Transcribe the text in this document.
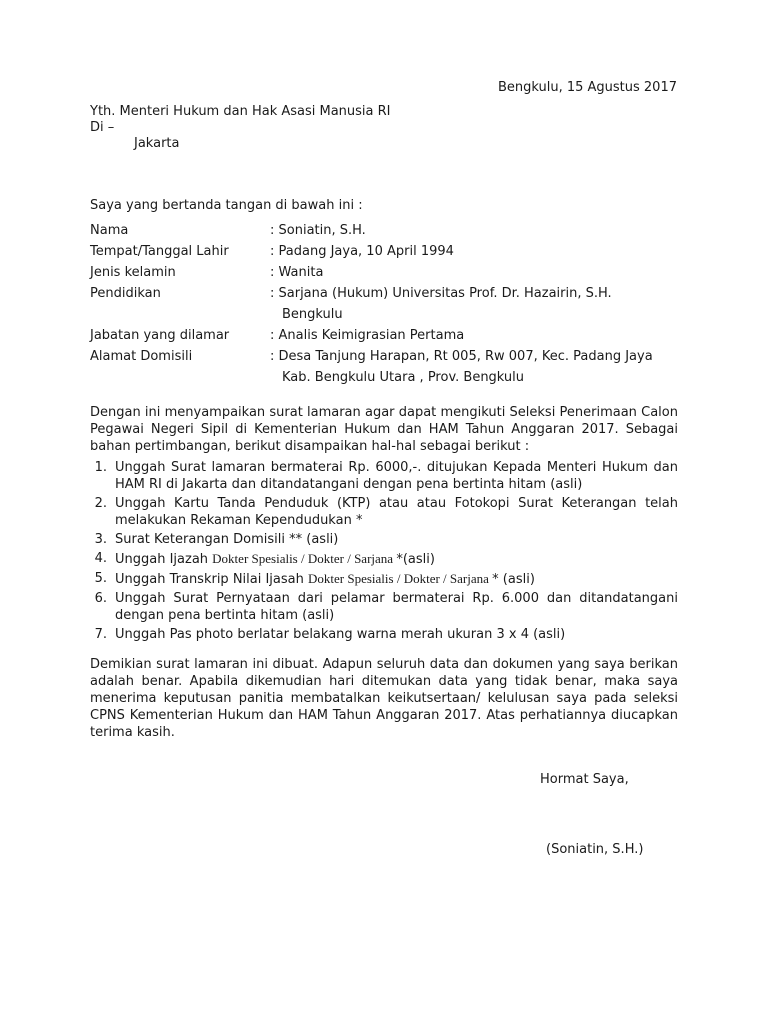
Bengkulu, 15 Agustus 2017
Yth. Menteri Hukum dan Hak Asasi Manusia RI
Di –
Jakarta
Saya yang bertanda tangan di bawah ini :
Nama	: Soniatin, S.H.
Tempat/Tanggal Lahir	: Padang Jaya, 10 April 1994
Jenis kelamin	: Wanita
Pendidikan	: Sarjana (Hukum) Universitas Prof. Dr. Hazairin, S.H.
Bengkulu
Jabatan yang dilamar	: Analis Keimigrasian Pertama
Alamat Domisili	: Desa Tanjung Harapan, Rt 005, Rw 007, Kec. Padang Jaya
Kab. Bengkulu Utara , Prov. Bengkulu
Dengan ini menyampaikan surat lamaran agar dapat mengikuti Seleksi Penerimaan Calon Pegawai Negeri Sipil di Kementerian Hukum dan HAM Tahun Anggaran 2017. Sebagai bahan pertimbangan, berikut disampaikan hal-hal sebagai berikut :
1. Unggah Surat lamaran bermaterai Rp. 6000,-. ditujukan Kepada Menteri Hukum dan HAM RI di Jakarta dan ditandatangani dengan pena bertinta hitam (asli)
2. Unggah Kartu Tanda Penduduk (KTP) atau atau Fotokopi Surat Keterangan telah melakukan Rekaman Kependudukan *
3. Surat Keterangan Domisili ** (asli)
4. Unggah Ijazah Dokter Spesialis / Dokter / Sarjana *(asli)
5. Unggah Transkrip Nilai Ijasah Dokter Spesialis / Dokter / Sarjana * (asli)
6. Unggah Surat Pernyataan dari pelamar bermaterai Rp. 6.000 dan ditandatangani dengan pena bertinta hitam (asli)
7. Unggah Pas photo berlatar belakang warna merah ukuran 3 x 4 (asli)
Demikian surat lamaran ini dibuat. Adapun seluruh data dan dokumen yang saya berikan adalah benar. Apabila dikemudian hari ditemukan data yang tidak benar, maka saya menerima keputusan panitia membatalkan keikutsertaan/ kelulusan saya pada seleksi CPNS Kementerian Hukum dan HAM Tahun Anggaran 2017. Atas perhatiannya diucapkan terima kasih.
Hormat Saya,
(Soniatin, S.H.)
